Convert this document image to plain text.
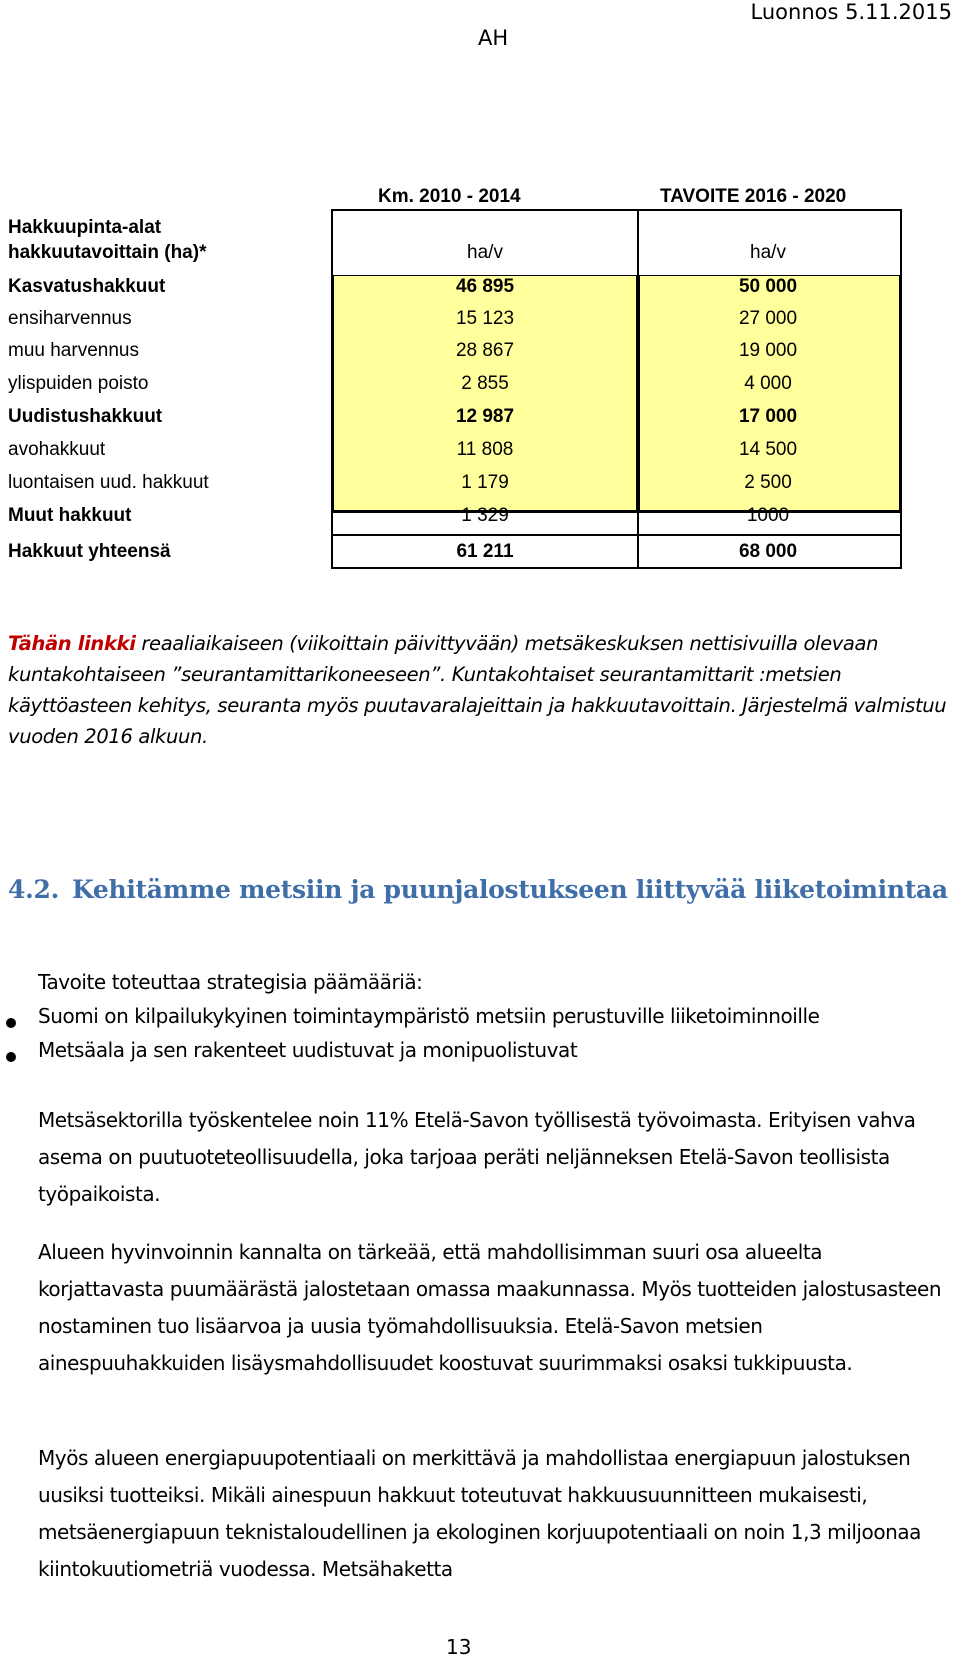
Luonnos 5.11.2015
AH
Km. 2010 - 2014	TAVOITE 2016 - 2020
Hakkuupinta-alat
hakkuutavoittain (ha)*	ha/v	ha/v
Kasvatushakkuut	46 895	50 000
ensiharvennus	15 123	27 000
muu harvennus	28 867	19 000
ylispuiden poisto	2 855	4 000
Uudistushakkuut	12 987	17 000
avohakkuut	11 808	14 500
luontaisen uud. hakkuut	1 179	2 500
Muut hakkuut	1 329	1000
Hakkuut yhteensä	61 211	68 000
Tähän linkki reaaliaikaiseen (viikoittain päivittyvään) metsäkeskuksen nettisivuilla olevaan kuntakohtaiseen ”seurantamittarikoneeseen”. Kuntakohtaiset seurantamittarit :metsien käyttöasteen kehitys, seuranta myös puutavaralajeittain ja hakkuutavoittain. Järjestelmä valmistuu vuoden 2016 alkuun.
4.2. Kehitämme metsiin ja puunjalostukseen liittyvää liiketoimintaa
Tavoite toteuttaa strategisia päämääriä:
Suomi on kilpailukykyinen toimintaympäristö metsiin perustuville liiketoiminnoille
Metsäala ja sen rakenteet uudistuvat ja monipuolistuvat
Metsäsektorilla työskentelee noin 11% Etelä-Savon työllisestä työvoimasta. Erityisen vahva asema on puutuoteteollisuudella, joka tarjoaa peräti neljänneksen Etelä-Savon teollisista työpaikoista.
Alueen hyvinvoinnin kannalta on tärkeää, että mahdollisimman suuri osa alueelta korjattavasta puumäärästä jalostetaan omassa maakunnassa. Myös tuotteiden jalostusasteen nostaminen tuo lisäarvoa ja uusia työmahdollisuuksia. Etelä-Savon metsien ainespuuhakkuiden lisäysmahdollisuudet koostuvat suurimmaksi osaksi tukkipuusta.
Myös alueen energiapuupotentiaali on merkittävä ja mahdollistaa energiapuun jalostuksen uusiksi tuotteiksi. Mikäli ainespuun hakkuut toteutuvat hakkuusuunnitteen mukaisesti, metsäenergiapuun teknistaloudellinen ja ekologinen korjuupotentiaali on noin 1,3 miljoonaa kiintokuutiometriä vuodessa. Metsähaketta
13
